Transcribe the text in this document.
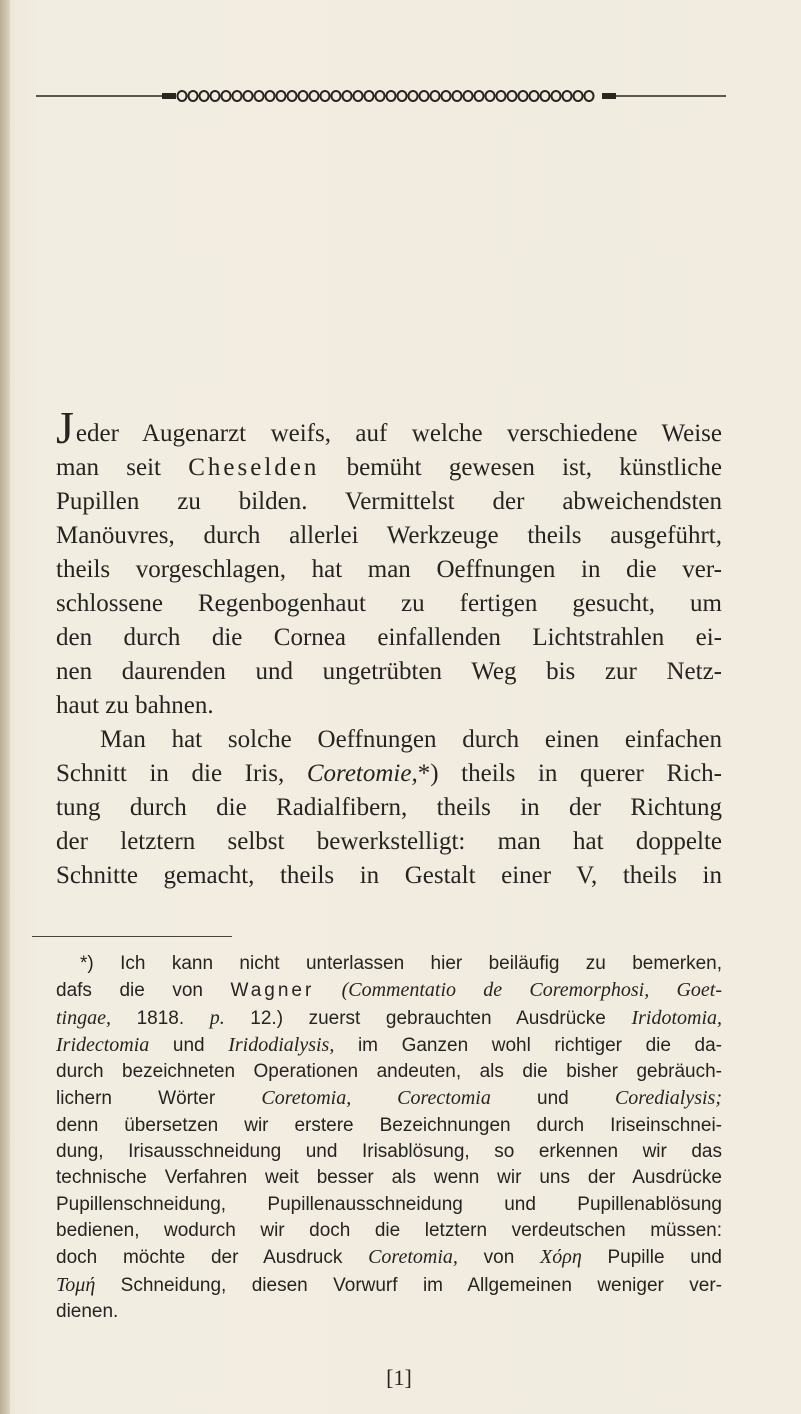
Jeder Augenarzt weifs, auf welche verschiedene Weise
man seit Cheselden bemüht gewesen ist, künstliche
Pupillen zu bilden. Vermittelst der abweichendsten
Manöuvres, durch allerlei Werkzeuge theils ausgeführt,
theils vorgeschlagen, hat man Oeffnungen in die ver-
schlossene Regenbogenhaut zu fertigen gesucht, um
den durch die Cornea einfallenden Lichtstrahlen ei-
nen daurenden und ungetrübten Weg bis zur Netz-
haut zu bahnen.
Man hat solche Oeffnungen durch einen einfachen
Schnitt in die Iris, Coretomie,*) theils in querer Rich-
tung durch die Radialfibern, theils in der Richtung
der letztern selbst bewerkstelligt: man hat doppelte
Schnitte gemacht, theils in Gestalt einer V, theils in
*) Ich kann nicht unterlassen hier beiläufig zu bemerken,
dafs die von Wagner (Commentatio de Coremorphosi, Goet-
tingae, 1818. p. 12.) zuerst gebrauchten Ausdrücke Iridotomia,
Iridectomia und Iridodialysis, im Ganzen wohl richtiger die da-
durch bezeichneten Operationen andeuten, als die bisher gebräuch-
lichern Wörter Coretomia, Corectomia und Coredialysis;
denn übersetzen wir erstere Bezeichnungen durch Iriseinschnei-
dung, Irisausschneidung und Irisablösung, so erkennen wir das
technische Verfahren weit besser als wenn wir uns der Ausdrücke
Pupillenschneidung, Pupillenausschneidung und Pupillenablösung
bedienen, wodurch wir doch die letztern verdeutschen müssen:
doch möchte der Ausdruck Coretomia, von Χόρη Pupille und
Τομή Schneidung, diesen Vorwurf im Allgemeinen weniger ver-
dienen.
[1]
